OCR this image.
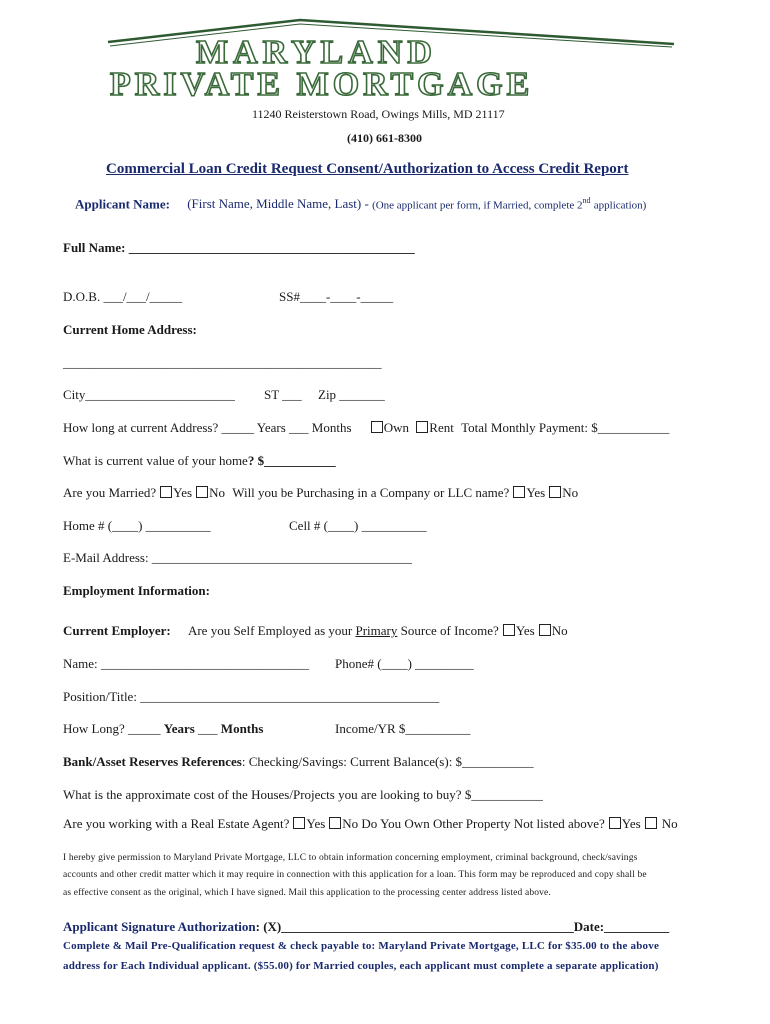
MARYLAND
PRIVATE MORTGAGE
11240 Reisterstown Road, Owings Mills, MD 21117
(410) 661-8300
Commercial Loan Credit Request Consent/Authorization to Access Credit Report
Applicant Name: (First Name, Middle Name, Last) - (One applicant per form, if Married, complete 2nd application)
Full Name: ____________________________________________
D.O.B. ___/___/_____	SS#____-____-_____
Current Home Address:
_________________________________________________
City_______________________ ST ___ Zip _______
How long at current Address? _____ Years ___ Months Own Rent Total Monthly Payment: $___________
What is current value of your home? $___________
Are you Married? Yes No Will you be Purchasing in a Company or LLC name? Yes No
Home # (____) __________	Cell # (____) __________
E-Mail Address: ________________________________________
Employment Information:
Current Employer: Are you Self Employed as your Primary Source of Income? Yes No
Name: ________________________________ Phone# (____) _________
Position/Title: ______________________________________________
How Long? _____ Years ___ Months	Income/YR $__________
Bank/Asset Reserves References: Checking/Savings: Current Balance(s): $___________
What is the approximate cost of the Houses/Projects you are looking to buy? $___________
Are you working with a Real Estate Agent? Yes No Do You Own Other Property Not listed above? Yes No
I hereby give permission to Maryland Private Mortgage, LLC to obtain information concerning employment, criminal background, check/savings
accounts and other credit matter which it may require in connection with this application for a loan. This form may be reproduced and copy shall be
as effective consent as the original, which I have signed. Mail this application to the processing center address listed above.
Applicant Signature Authorization: (X)_____________________________________________Date:__________
Complete & Mail Pre-Qualification request & check payable to: Maryland Private Mortgage, LLC for $35.00 to the above
address for Each Individual applicant. ($55.00) for Married couples, each applicant must complete a separate application)
